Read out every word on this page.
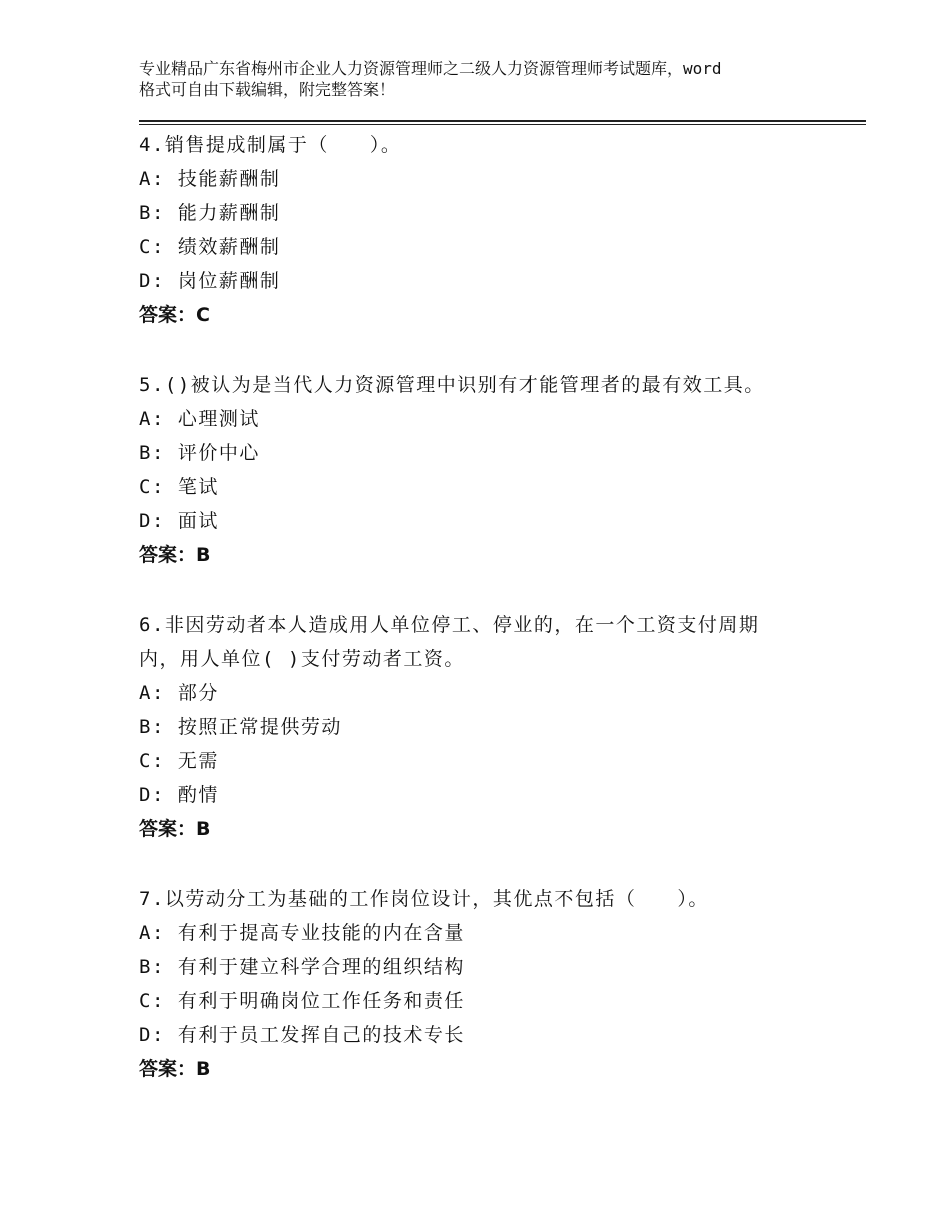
专业精品广东省梅州市企业人力资源管理师之二级人力资源管理师考试题库，word
格式可自由下载编辑，附完整答案！
4.销售提成制属于（　　）。
A: 技能薪酬制
B: 能力薪酬制
C: 绩效薪酬制
D: 岗位薪酬制
答案：C
5.()被认为是当代人力资源管理中识别有才能管理者的最有效工具。
A: 心理测试
B: 评价中心
C: 笔试
D: 面试
答案：B
6.非因劳动者本人造成用人单位停工、停业的，在一个工资支付周期
内，用人单位( )支付劳动者工资。
A: 部分
B: 按照正常提供劳动
C: 无需
D: 酌情
答案：B
7.以劳动分工为基础的工作岗位设计，其优点不包括（　　）。
A: 有利于提高专业技能的内在含量
B: 有利于建立科学合理的组织结构
C: 有利于明确岗位工作任务和责任
D: 有利于员工发挥自己的技术专长
答案：B
